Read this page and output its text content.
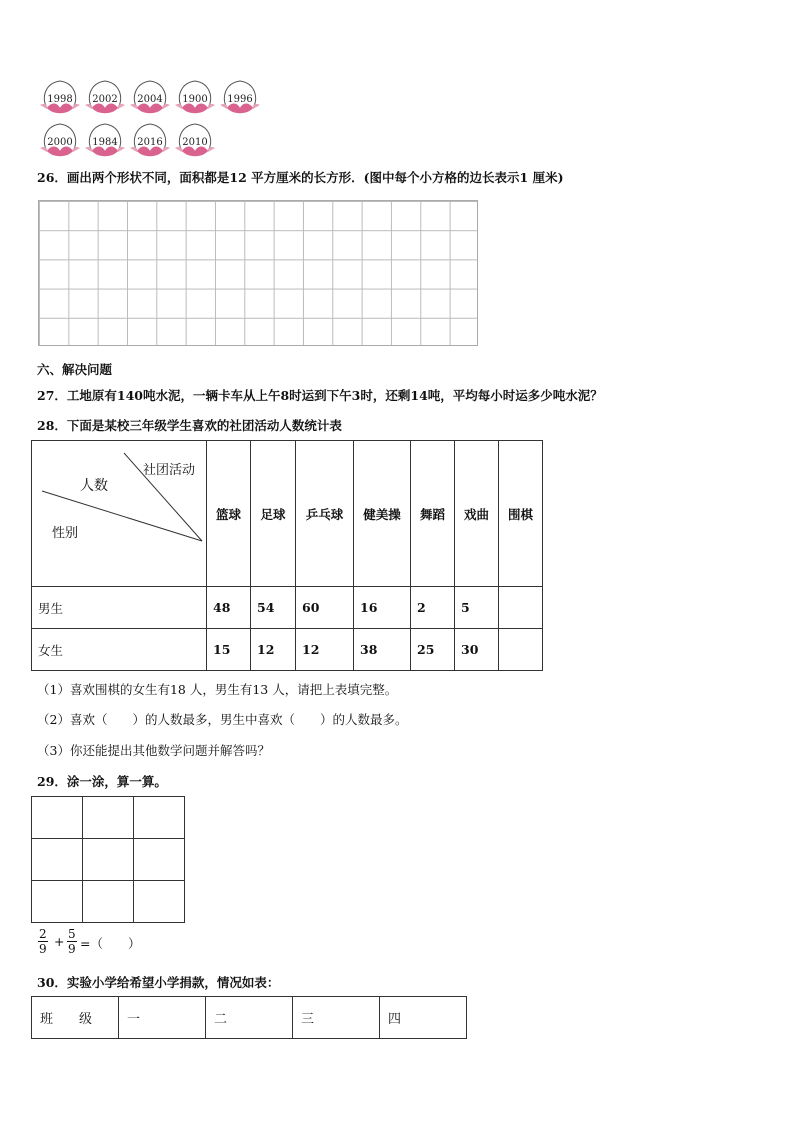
1998	2002	2004	1900	1996
2000	1984	2016	2010
26．画出两个形状不同，面积都是12 平方厘米的长方形．(图中每个小方格的边长表示1 厘米)
六、解决问题
27．工地原有140吨水泥，一辆卡车从上午8时运到下午3时，还剩14吨，平均每小时运多少吨水泥？
28．下面是某校三年级学生喜欢的社团活动人数统计表
社团活动
人数
性别	篮球	足球	乒乓球	健美操	舞蹈	戏曲	围棋
男生	48	54	60	16	2	5	
女生	15	12	12	38	25	30	
（1）喜欢围棋的女生有18 人，男生有13 人，请把上表填完整。
（2）喜欢（　　）的人数最多，男生中喜欢（　　）的人数最多。
（3）你还能提出其他数学问题并解答吗？
29．涂一涂，算一算。

$\frac{2}{9} + \frac{5}{9}$ =（　　）
30．实验小学给希望小学捐款，情况如表：
班　　级	一	二	三	四
